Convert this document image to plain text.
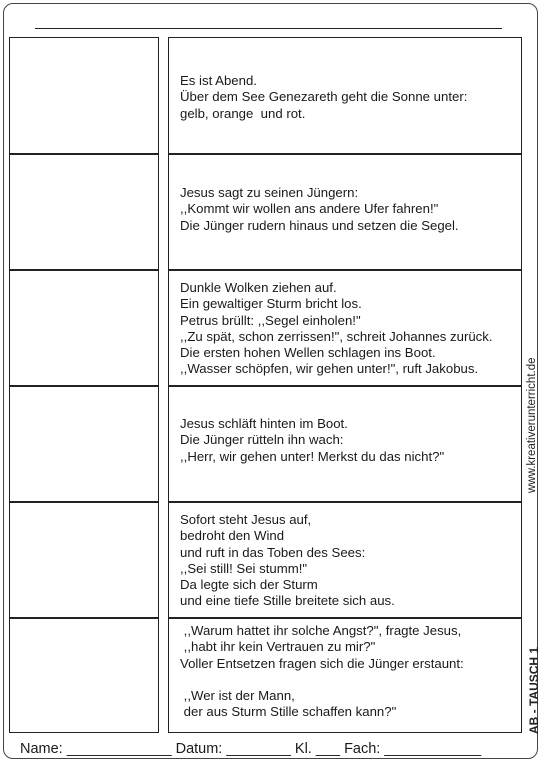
Es ist Abend.
Über dem See Genezareth geht die Sonne unter:
gelb, orange  und rot.
Jesus sagt zu seinen Jüngern:
,,Kommt wir wollen ans andere Ufer fahren!"
Die Jünger rudern hinaus und setzen die Segel.
Dunkle Wolken ziehen auf.
Ein gewaltiger Sturm bricht los.
Petrus brüllt: ,,Segel einholen!"
,,Zu spät, schon zerrissen!", schreit Johannes zurück.
Die ersten hohen Wellen schlagen ins Boot.
,,Wasser schöpfen, wir gehen unter!", ruft Jakobus.
Jesus schläft hinten im Boot.
Die Jünger rütteln ihn wach:
,,Herr, wir gehen unter! Merkst du das nicht?"
Sofort steht Jesus auf,
bedroht den Wind
und ruft in das Toben des Sees:
,,Sei still! Sei stumm!"
Da legte sich der Sturm
und eine tiefe Stille breitete sich aus.
,,Warum hattet ihr solche Angst?", fragte Jesus,
,,habt ihr kein Vertrauen zu mir?"
Voller Entsetzen fragen sich die Jünger erstaunt:

,,Wer ist der Mann,
der aus Sturm Stille schaffen kann?"
www.kreativerunterricht.de
AB - TAUSCH 1
Name: _____________ Datum: ________ Kl. ___ Fach: ____________
